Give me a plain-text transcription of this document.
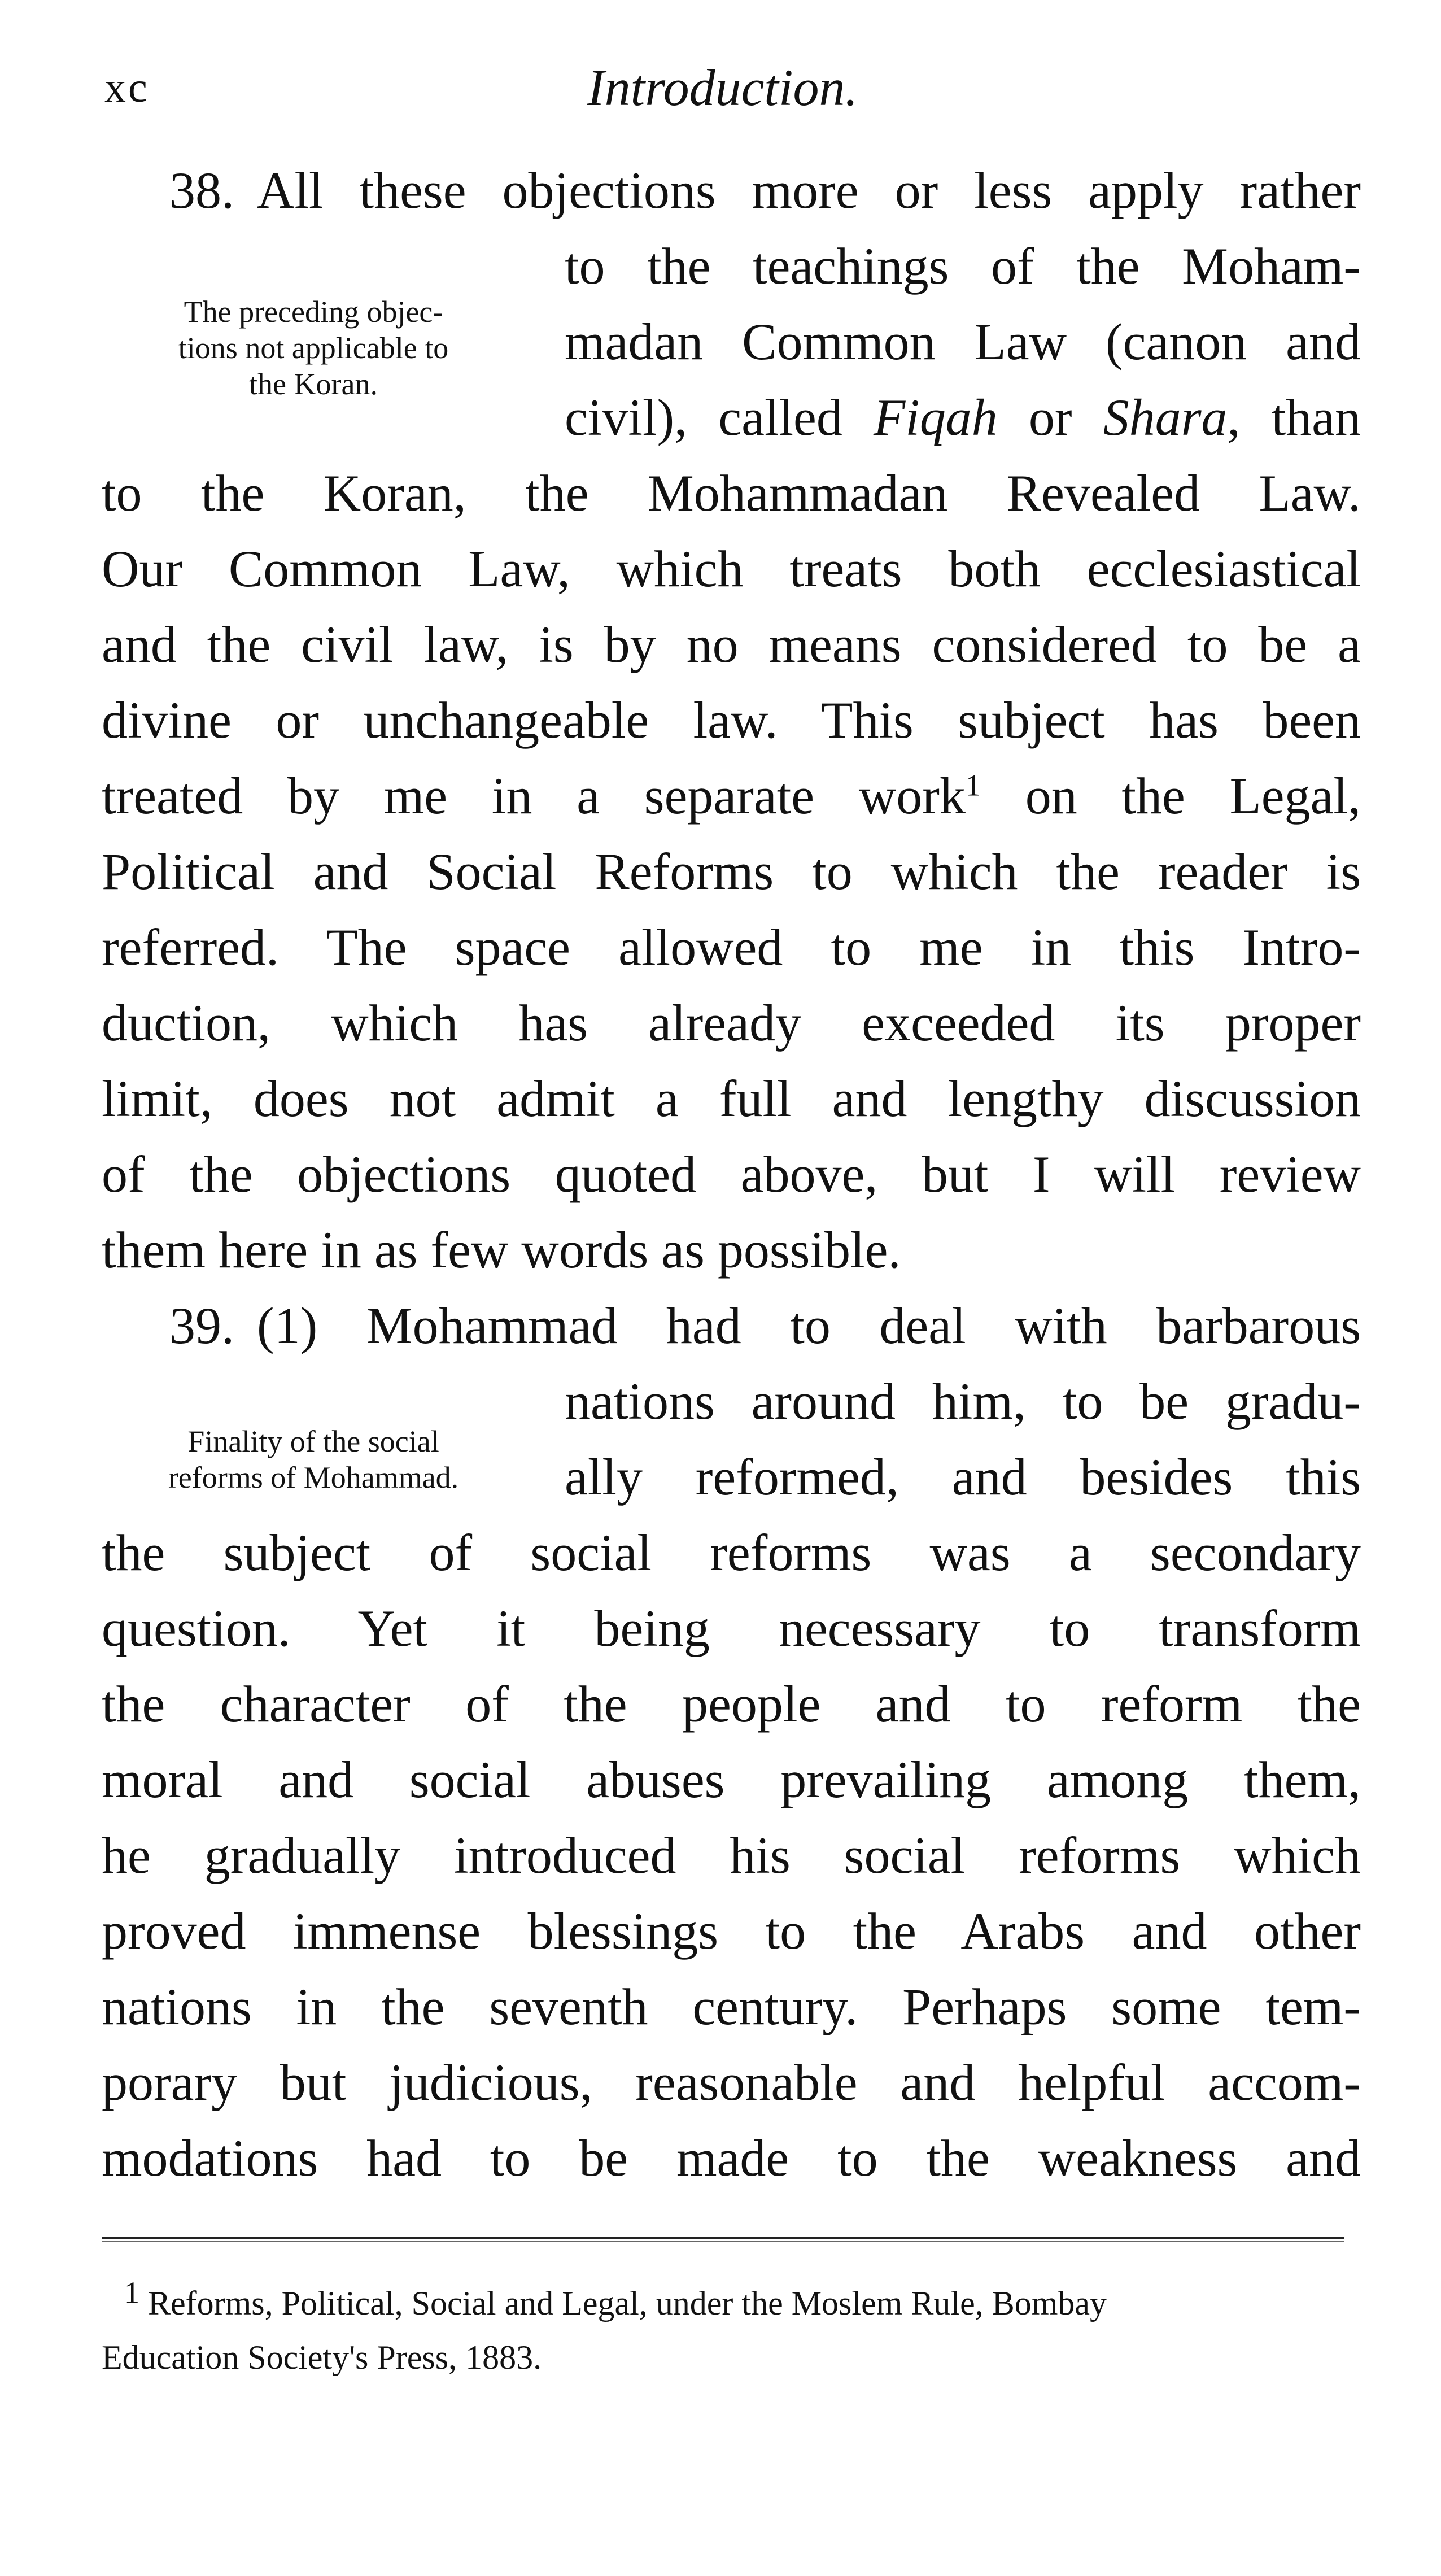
xc	Introduction.
38. All these objections more or less apply rather
to the teachings of the Moham-
madan Common Law (canon and
civil), called Fiqah or Shara, than
to the Koran, the Mohammadan Revealed Law.
Our Common Law, which treats both ecclesiastical
and the civil law, is by no means considered to be a
divine or unchangeable law. This subject has been
treated by me in a separate work$^1$ on the Legal,
Political and Social Reforms to which the reader is
referred. The space allowed to me in this Intro-
duction, which has already exceeded its proper
limit, does not admit a full and lengthy discussion
of the objections quoted above, but I will review
them here in as few words as possible.
The preceding objec-
tions not applicable to
the Koran.
39. (1) Mohammad had to deal with barbarous
nations around him, to be gradu-
ally reformed, and besides this
the subject of social reforms was a secondary
question. Yet it being necessary to transform
the character of the people and to reform the
moral and social abuses prevailing among them,
he gradually introduced his social reforms which
proved immense blessings to the Arabs and other
nations in the seventh century. Perhaps some tem-
porary but judicious, reasonable and helpful accom-
modations had to be made to the weakness and
Finality of the social
reforms of Mohammad.
$^1$ Reforms, Political, Social and Legal, under the Moslem Rule, Bombay
Education Society's Press, 1883.
